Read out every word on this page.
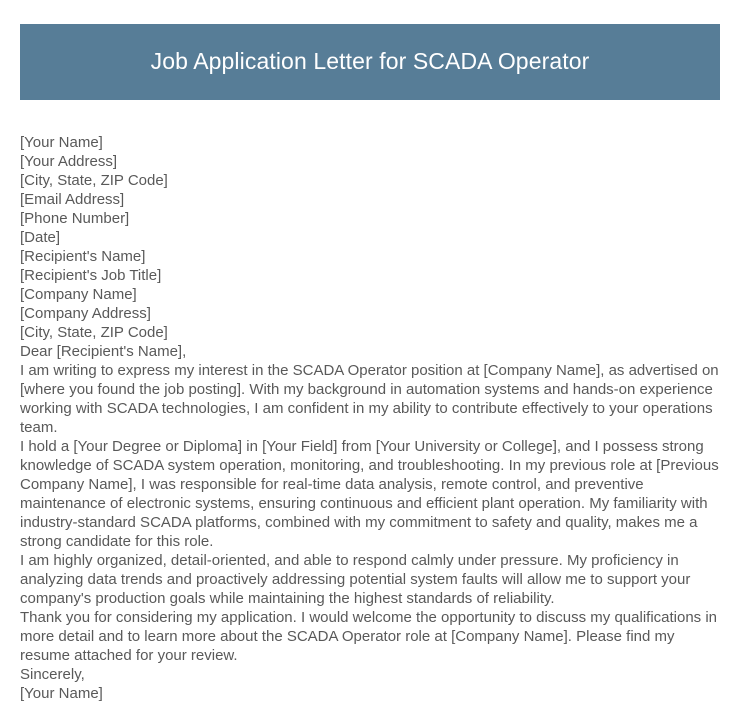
Job Application Letter for SCADA Operator
[Your Name]
[Your Address]
[City, State, ZIP Code]
[Email Address]
[Phone Number]
[Date]
[Recipient's Name]
[Recipient's Job Title]
[Company Name]
[Company Address]
[City, State, ZIP Code]
Dear [Recipient's Name],

I am writing to express my interest in the SCADA Operator position at [Company Name], as advertised on [where you found the job posting]. With my background in automation systems and hands-on experience working with SCADA technologies, I am confident in my ability to contribute effectively to your operations team.

I hold a [Your Degree or Diploma] in [Your Field] from [Your University or College], and I possess strong knowledge of SCADA system operation, monitoring, and troubleshooting. In my previous role at [Previous Company Name], I was responsible for real-time data analysis, remote control, and preventive maintenance of electronic systems, ensuring continuous and efficient plant operation. My familiarity with industry-standard SCADA platforms, combined with my commitment to safety and quality, makes me a strong candidate for this role.

I am highly organized, detail-oriented, and able to respond calmly under pressure. My proficiency in analyzing data trends and proactively addressing potential system faults will allow me to support your company's production goals while maintaining the highest standards of reliability.

Thank you for considering my application. I would welcome the opportunity to discuss my qualifications in more detail and to learn more about the SCADA Operator role at [Company Name]. Please find my resume attached for your review.

Sincerely,
[Your Name]
